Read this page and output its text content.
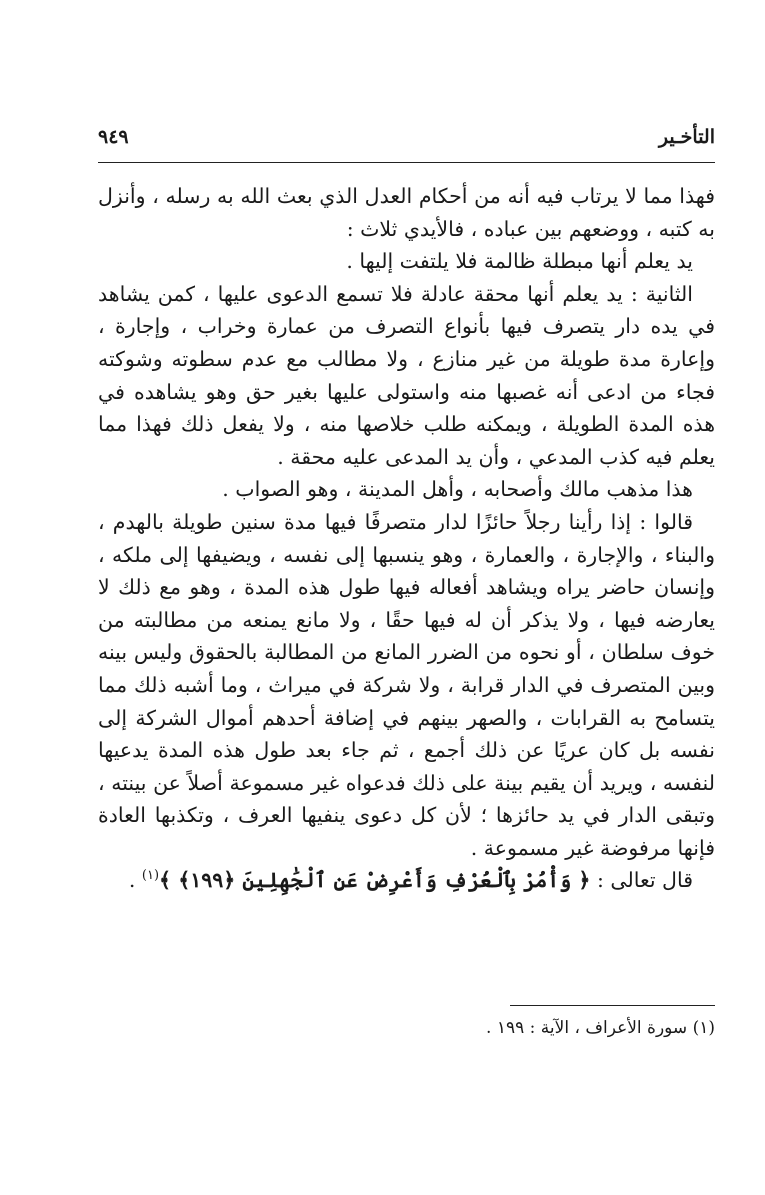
التأخـير
٩٤٩

فهذا مما لا يرتاب فيه أنه من أحكام العدل الذي بعث الله به رسله ، وأنزل به كتبه ، ووضعهم بين عباده ، فالأيدي ثلاث :

يد يعلم أنها مبطلة ظالمة فلا يلتفت إليها .

الثانية : يد يعلم أنها محقة عادلة فلا تسمع الدعوى عليها ، كمن يشاهد في يده دار يتصرف فيها بأنواع التصرف من عمارة وخراب ، وإجارة ، وإعارة مدة طويلة من غير منازع ، ولا مطالب مع عدم سطوته وشوكته فجاء من ادعى أنه غصبها منه واستولى عليها بغير حق وهو يشاهده في هذه المدة الطويلة ، ويمكنه طلب خلاصها منه ، ولا يفعل ذلك فهذا مما يعلم فيه كذب المدعي ، وأن يد المدعى عليه محقة .

هذا مذهب مالك وأصحابه ، وأهل المدينة ، وهو الصواب .

قالوا : إذا رأينا رجلاً حائزًا لدار متصرفًا فيها مدة سنين طويلة بالهدم ، والبناء ، والإجارة ، والعمارة ، وهو ينسبها إلى نفسه ، ويضيفها إلى ملكه ، وإنسان حاضر يراه ويشاهد أفعاله فيها طول هذه المدة ، وهو مع ذلك لا يعارضه فيها ، ولا يذكر أن له فيها حقًا ، ولا مانع يمنعه من مطالبته من خوف سلطان ، أو نحوه من الضرر المانع من المطالبة بالحقوق وليس بينه وبين المتصرف في الدار قرابة ، ولا شركة في ميراث ، وما أشبه ذلك مما يتسامح به القرابات ، والصهر بينهم في إضافة أحدهم أموال الشركة إلى نفسه بل كان عريًا عن ذلك أجمع ، ثم جاء بعد طول هذه المدة يدعيها لنفسه ، ويريد أن يقيم بينة على ذلك فدعواه غير مسموعة أصلاً عن بينته ، وتبقى الدار في يد حائزها ؛ لأن كل دعوى ينفيها العرف ، وتكذبها العادة فإنها مرفوضة غير مسموعة .

قال تعالى : ﴿ وَأْمُرْ بِٱلْعُرْفِ وَأَعْرِضْ عَنِ ٱلْجَٰهِلِينَ ﴿١٩٩﴾ ﴾$^{(١)}$ .

(١) سورة الأعراف ، الآية : ١٩٩ .
